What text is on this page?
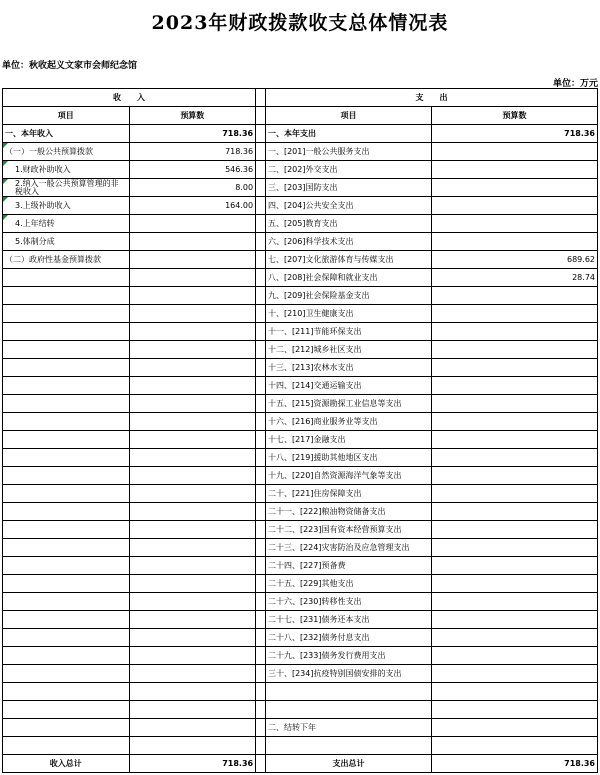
2023年财政拨款收支总体情况表
单位：秋收起义文家市会师纪念馆
单位：万元
收　　入			支　　出	
项目	预算数		项目	预算数
一、本年收入	718.36		一、本年支出	718.36
（一）一般公共预算拨款	718.36		一、[201]一般公共服务支出	
1.财政补助收入	546.36		二、[202]外交支出	
2.纳入一般公共预算管理的非税收入	8.00		三、[203]国防支出	
3.上级补助收入	164.00		四、[204]公共安全支出	
4.上年结转			五、[205]教育支出	
5.体制分成			六、[206]科学技术支出	
（二）政府性基金预算拨款			七、[207]文化旅游体育与传媒支出	689.62
			八、[208]社会保障和就业支出	28.74
			九、[209]社会保险基金支出	
			十、[210]卫生健康支出	
			十一、[211]节能环保支出	
			十二、[212]城乡社区支出	
			十三、[213]农林水支出	
			十四、[214]交通运输支出	
			十五、[215]资源勘探工业信息等支出	
			十六、[216]商业服务业等支出	
			十七、[217]金融支出	
			十八、[219]援助其他地区支出	
			十九、[220]自然资源海洋气象等支出	
			二十、[221]住房保障支出	
			二十一、[222]粮油物资储备支出	
			二十二、[223]国有资本经营预算支出	
			二十三、[224]灾害防治及应急管理支出	
			二十四、[227]预备费	
			二十五、[229]其他支出	
			二十六、[230]转移性支出	
			二十七、[231]债务还本支出	
			二十八、[232]债务付息支出	
			二十九、[233]债务发行费用支出	
			三十、[234]抗疫特别国债安排的支出	

			二、结转下年	

收入总计	718.36		支出总计	718.36
